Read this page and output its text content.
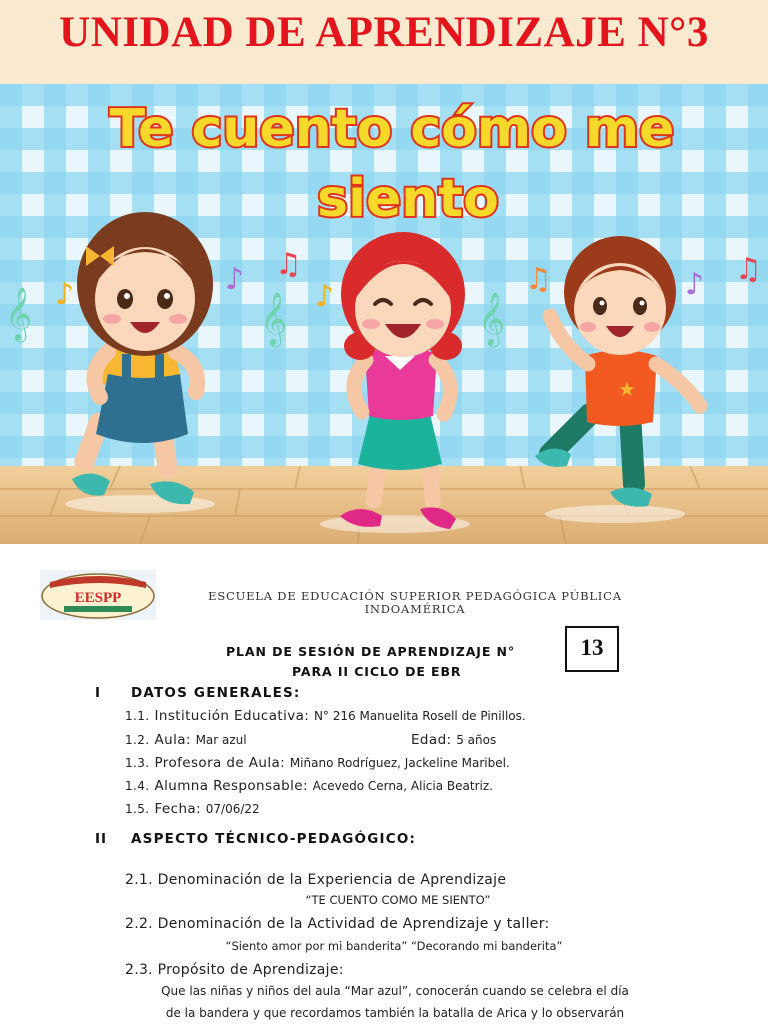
UNIDAD DE APRENDIZAJE N°3
Te cuento cómo me
siento
♪	♪ ♫
♪	♫	♪ ♫
𝄞	𝄞	𝄞
★
EESPP	ESCUELA DE EDUCACIÓN SUPERIOR PEDAGÓGICA PÚBLICA
INDOAMÉRICA
PLAN DE SESIÓN DE APRENDIZAJE N°
PARA II CICLO DE EBR
13
I DATOS GENERALES:
1.1. Institución Educativa: N° 216 Manuelita Rosell de Pinillos.
1.2. Aula: Mar azul	Edad: 5 años
1.3. Profesora de Aula: Miñano Rodríguez, Jackeline Maribel.
1.4. Alumna Responsable: Acevedo Cerna, Alicia Beatriz.
1.5. Fecha: 07/06/22
II ASPECTO TÉCNICO-PEDAGÓGICO:
2.1. Denominación de la Experiencia de Aprendizaje
“TE CUENTO COMO ME SIENTO”
2.2. Denominación de la Actividad de Aprendizaje y taller:
“Siento amor por mi banderita” “Decorando mi banderita”
2.3. Propósito de Aprendizaje:
Que las niñas y niños del aula “Mar azul”, conocerán cuando se celebra el día
de la bandera y que recordamos también la batalla de Arica y lo observarán
